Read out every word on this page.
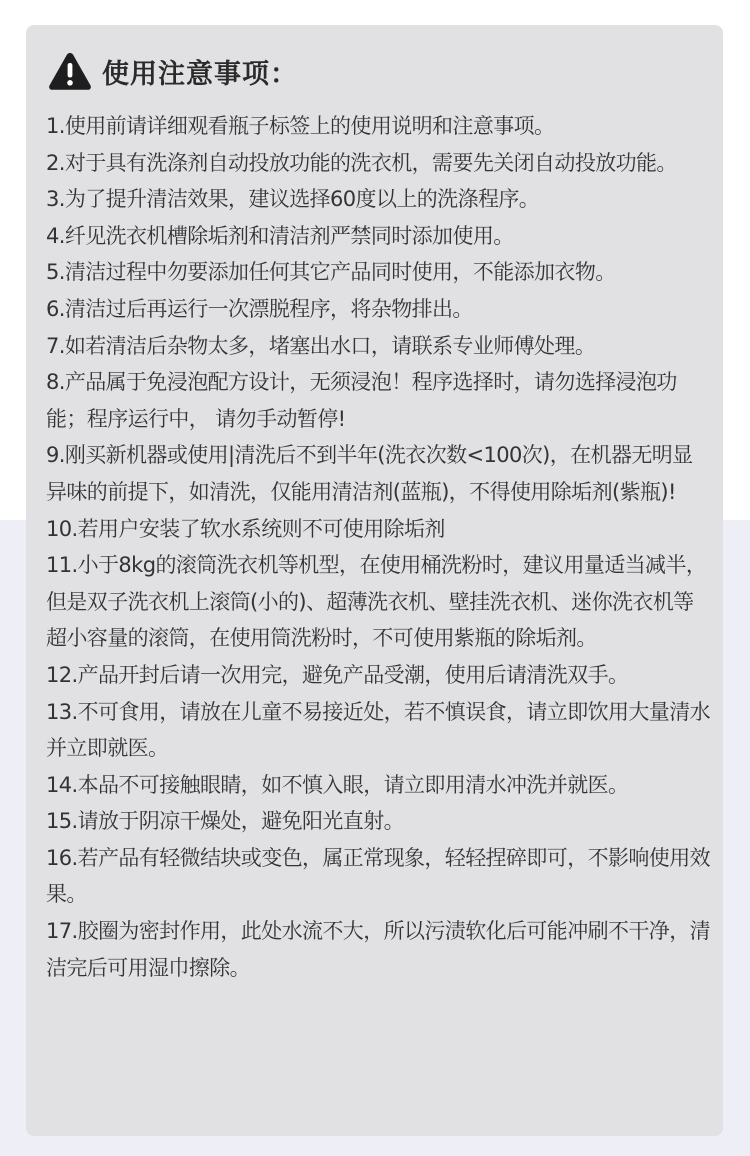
使用注意事项：
1.使用前请详细观看瓶子标签上的使用说明和注意事项。
2.对于具有洗涤剂自动投放功能的洗衣机，需要先关闭自动投放功能。
3.为了提升清洁效果，建议选择60度以上的洗涤程序。
4.纤见洗衣机槽除垢剂和清洁剂严禁同时添加使用。
5.清洁过程中勿要添加任何其它产品同时使用，不能添加衣物。
6.清洁过后再运行一次漂脱程序，将杂物排出。
7.如若清洁后杂物太多，堵塞出水口，请联系专业师傅处理。
8.产品属于免浸泡配方设计，无须浸泡！程序选择时，请勿选择浸泡功能；程序运行中， 请勿手动暂停!
9.刚买新机器或使用|清洗后不到半年(洗衣次数<100次)，在机器无明显异味的前提下，如清洗，仅能用清洁剂(蓝瓶)，不得使用除垢剂(紫瓶)!
10.若用户安装了软水系统则不可使用除垢剂
11.小于8kg的滚筒洗衣机等机型，在使用桶洗粉时，建议用量适当减半，但是双子洗衣机上滚筒(小的)、超薄洗衣机、壁挂洗衣机、迷你洗衣机等超小容量的滚筒，在使用筒洗粉时，不可使用紫瓶的除垢剂。
12.产品开封后请一次用完，避免产品受潮，使用后请清洗双手。
13.不可食用，请放在儿童不易接近处，若不慎误食，请立即饮用大量清水并立即就医。
14.本品不可接触眼睛，如不慎入眼，请立即用清水冲洗并就医。
15.请放于阴凉干燥处，避免阳光直射。
16.若产品有轻微结块或变色，属正常现象，轻轻捏碎即可，不影响使用效果。
17.胶圈为密封作用，此处水流不大，所以污渍软化后可能冲刷不干净，清洁完后可用湿巾擦除。
